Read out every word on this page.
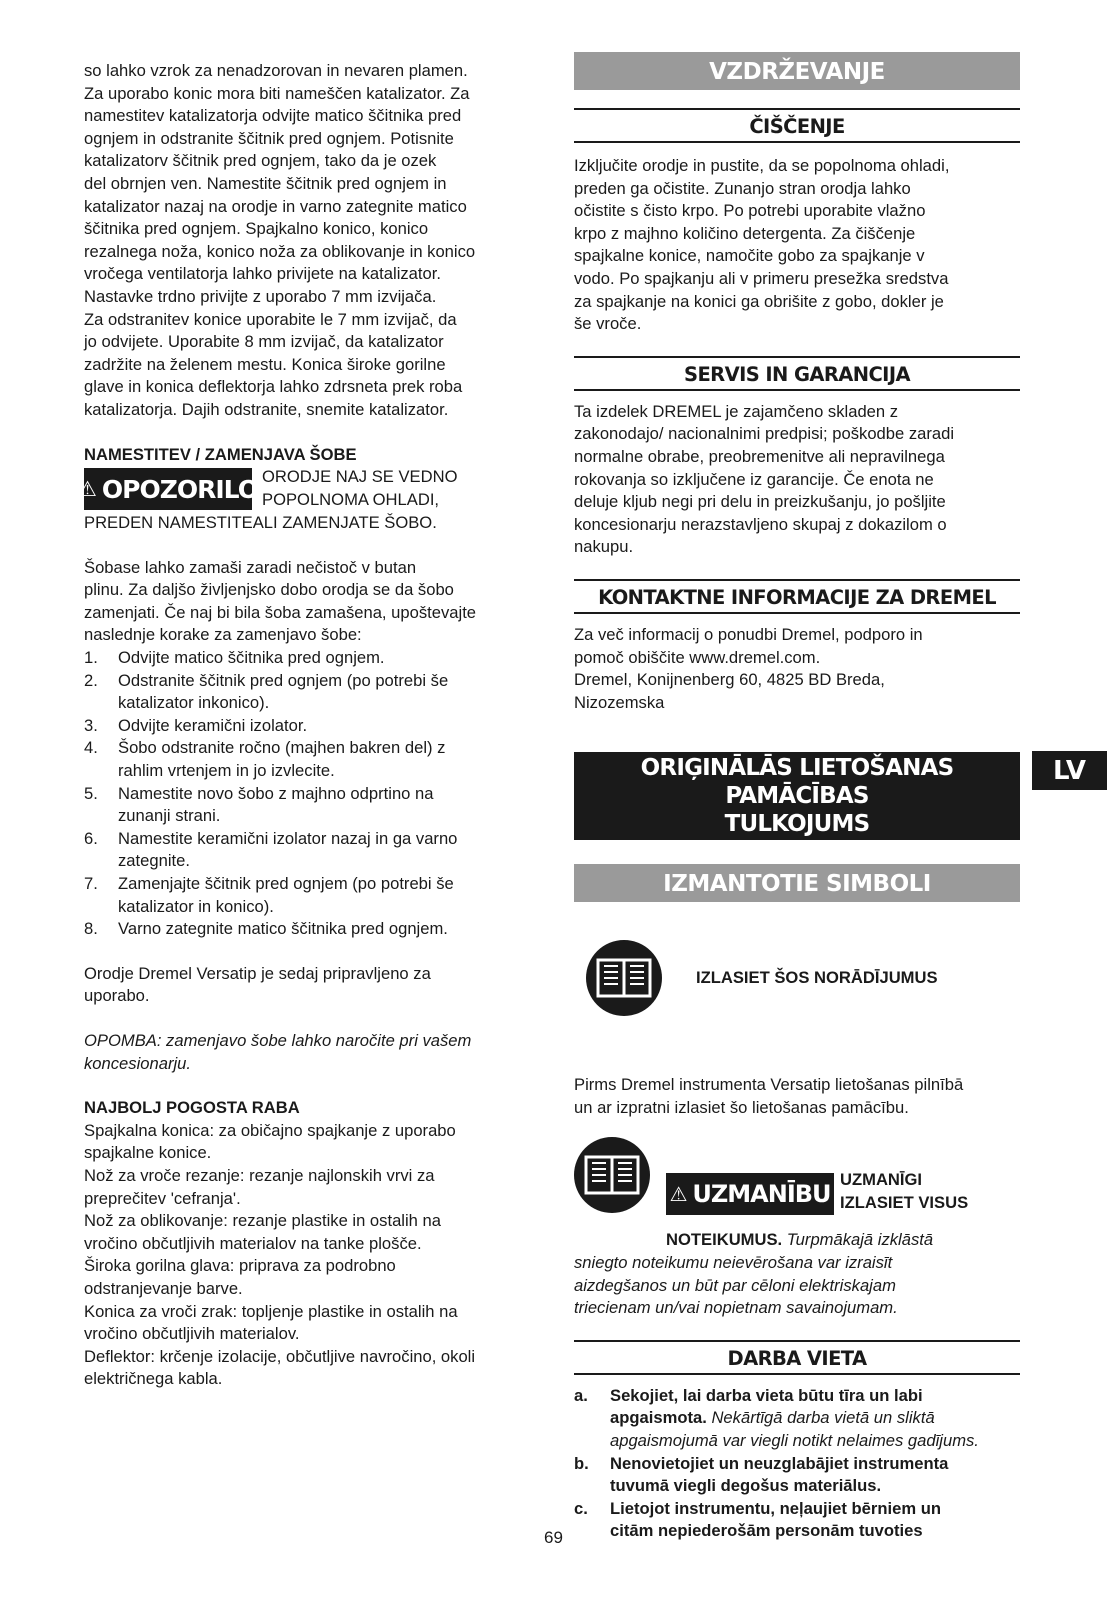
so lahko vzrok za nenadzorovan in nevaren plamen.

Za uporabo konic mora biti nameščen katalizator. Za

namestitev katalizatorja odvijte matico ščitnika pred

ognjem in odstranite ščitnik pred ognjem. Potisnite

katalizatorv ščitnik pred ognjem, tako da je ozek

del obrnjen ven. Namestite ščitnik pred ognjem in

katalizator nazaj na orodje in varno zategnite matico

ščitnika pred ognjem. Spajkalno konico, konico

rezalnega noža, konico noža za oblikovanje in konico

vročega ventilatorja lahko privijete na katalizator.

Nastavke trdno privijte z uporabo 7 mm izvijača.

Za odstranitev konice uporabite le 7 mm izvijač, da

jo odvijete. Uporabite 8 mm izvijač, da katalizator

zadržite na želenem mestu. Konica široke gorilne

glave in konica deflektorja lahko zdrsneta prek roba

katalizatorja. Dajih odstranite, snemite katalizator.

NAMESTITEV / ZAMENJAVA ŠOBE

⚠ OPOZORILO ORODJE NAJ SE VEDNO

POPOLNOMA OHLADI,

PREDEN NAMESTITEALI ZAMENJATE ŠOBO.

Šobase lahko zamaši zaradi nečistoč v butan

plinu. Za daljšo življenjsko dobo orodja se da šobo

zamenjati. Če naj bi bila šoba zamašena, upoštevajte

naslednje korake za zamenjavo šobe:

1. Odvijte matico ščitnika pred ognjem.
2. Odstranite ščitnik pred ognjem (po potrebi še
katalizator inkonico).
3. Odvijte keramični izolator.
4. Šobo odstranite ročno (majhen bakren del) z
rahlim vrtenjem in jo izvlecite.
5. Namestite novo šobo z majhno odprtino na
zunanji strani.
6. Namestite keramični izolator nazaj in ga varno
zategnite.
7. Zamenjajte ščitnik pred ognjem (po potrebi še
katalizator in konico).
8. Varno zategnite matico ščitnika pred ognjem.

Orodje Dremel Versatip je sedaj pripravljeno za

uporabo.

OPOMBA: zamenjavo šobe lahko naročite pri vašem

koncesionarju.

NAJBOLJ POGOSTA RABA

Spajkalna konica: za običajno spajkanje z uporabo

spajkalne konice.

Nož za vroče rezanje: rezanje najlonskih vrvi za

preprečitev 'cefranja'.

Nož za oblikovanje: rezanje plastike in ostalih na

vročino občutljivih materialov na tanke plošče.

Široka gorilna glava: priprava za podrobno

odstranjevanje barve.

Konica za vroči zrak: topljenje plastike in ostalih na

vročino občutljivih materialov.

Deflektor: krčenje izolacije, občutljive navročino, okoli

električnega kabla.

VZDRŽEVANJE
ČIŠČENJE

Izključite orodje in pustite, da se popolnoma ohladi,

preden ga očistite. Zunanjo stran orodja lahko

očistite s čisto krpo. Po potrebi uporabite vlažno

krpo z majhno količino detergenta. Za čiščenje

spajkalne konice, namočite gobo za spajkanje v

vodo. Po spajkanju ali v primeru presežka sredstva

za spajkanje na konici ga obrišite z gobo, dokler je

še vroče.

SERVIS IN GARANCIJA

Ta izdelek DREMEL je zajamčeno skladen z

zakonodajo/ nacionalnimi predpisi; poškodbe zaradi

normalne obrabe, preobremenitve ali nepravilnega

rokovanja so izključene iz garancije. Če enota ne

deluje kljub negi pri delu in preizkušanju, jo pošljite

koncesionarju nerazstavljeno skupaj z dokazilom o

nakupu.

KONTAKTNE INFORMACIJE ZA DREMEL

Za več informacij o ponudbi Dremel, podporo in

pomoč obiščite www.dremel.com.

Dremel, Konijnenberg 60, 4825 BD Breda,

Nizozemska

ORIĢINĀLĀS LIETOŠANAS PAMĀCĪBAS
TULKOJUMS
IZMANTOTIE SIMBOLI
IZLASIET ŠOS NORĀDĪJUMUS

Pirms Dremel instrumenta Versatip lietošanas pilnībā

un ar izpratni izlasiet šo lietošanas pamācību.

⚠ UZMANĪBU
UZMANĪGI
IZLASIET VISUS

NOTEIKUMUS. Turpmākajā izklāstā

sniegto noteikumu neievērošana var izraisīt

aizdegšanos un būt par cēloni elektriskajam

triecienam un/vai nopietnam savainojumam.

DARBA VIETA
a. Sekojiet, lai darba vieta būtu tīra un labi
apgaismota. Nekārtīgā darba vietā un sliktā
apgaismojumā var viegli notikt nelaimes gadījums.
b. Nenovietojiet un neuzglabājiet instrumenta
tuvumā viegli degošus materiālus.
c. Lietojot instrumentu, neļaujiet bērniem un
citām nepiederošām personām tuvoties
LV
69
